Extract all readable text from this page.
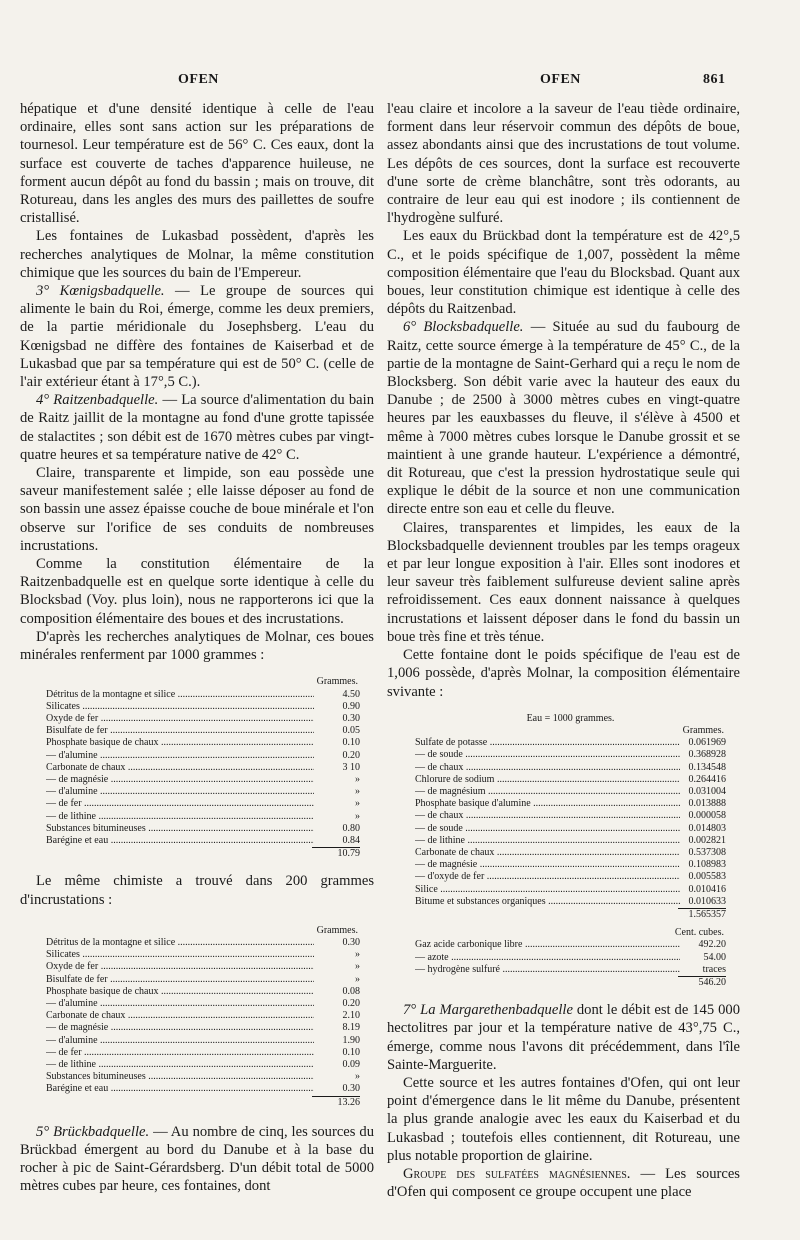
OFEN	OFEN	861

hépatique et d'une densité identique à celle de l'eau ordinaire, elles sont sans action sur les préparations de tournesol. Leur température est de 56° C. Ces eaux, dont la surface est couverte de taches d'apparence huileuse, ne forment aucun dépôt au fond du bassin ; mais on trouve, dit Rotureau, dans les angles des murs des paillettes de soufre cristallisé.

Les fontaines de Lukasbad possèdent, d'après les recherches analytiques de Molnar, la même constitution chimique que les sources du bain de l'Empereur.

3° Kœnigsbadquelle. — Le groupe de sources qui alimente le bain du Roi, émerge, comme les deux premiers, de la partie méridionale du Josephsberg. L'eau du Kœnigsbad ne diffère des fontaines de Kaiserbad et de Lukasbad que par sa température qui est de 50° C. (celle de l'air extérieur étant à 17°,5 C.).

4° Raitzenbadquelle. — La source d'alimentation du bain de Raitz jaillit de la montagne au fond d'une grotte tapissée de stalactites ; son débit est de 1670 mètres cubes par vingt-quatre heures et sa température native de 42° C.

Claire, transparente et limpide, son eau possède une saveur manifestement salée ; elle laisse déposer au fond de son bassin une assez épaisse couche de boue minérale et l'on observe sur l'orifice de ses conduits de nombreuses incrustations.

Comme la constitution élémentaire de la Raitzenbadquelle est en quelque sorte identique à celle du Blocksbad (Voy. plus loin), nous ne rapporterons ici que la composition élémentaire des boues et des incrustations.

D'après les recherches analytiques de Molnar, ces boues minérales renferment par 1000 grammes :

Grammes.
Détritus de la montagne et silice .....	4.50
Silicates .....	0.90
Oxyde de fer .....	0.30
Bisulfate de fer .....	0.05
Phosphate basique de chaux .....	0.10
— d'alumine .....	0.20
Carbonate de chaux .....	3 10
— de magnésie .....	»
— d'alumine .....	»
— de fer .....	»
— de lithine .....	»
Substances bitumineuses .....	0.80
Barégine et eau .....	0.84
10.79

Le même chimiste a trouvé dans 200 grammes d'incrustations :

Grammes.
Détritus de la montagne et silice .....	0.30
Silicates .....	»
Oxyde de fer .....	»
Bisulfate de fer .....	»
Phosphate basique de chaux .....	0.08
— d'alumine .....	0.20
Carbonate de chaux .....	2.10
— de magnésie .....	8.19
— d'alumine .....	1.90
— de fer .....	0.10
— de lithine .....	0.09
Substances bitumineuses .....	»
Barégine et eau .....	0.30
13.26

5° Brückbadquelle. — Au nombre de cinq, les sources du Brückbad émergent au bord du Danube et à la base du rocher à pic de Saint-Gérardsberg. D'un débit total de 5000 mètres cubes par heure, ces fontaines, dont

l'eau claire et incolore a la saveur de l'eau tiède ordinaire, forment dans leur réservoir commun des dépôts de boue, assez abondants ainsi que des incrustations de tout volume. Les dépôts de ces sources, dont la surface est recouverte d'une sorte de crème blanchâtre, sont très odorants, au contraire de leur eau qui est inodore ; ils contiennent de l'hydrogène sulfuré.

Les eaux du Brückbad dont la température est de 42°,5 C., et le poids spécifique de 1,007, possèdent la même composition élémentaire que l'eau du Blocksbad. Quant aux boues, leur constitution chimique est identique à celle des dépôts du Raitzenbad.

6° Blocksbadquelle. — Située au sud du faubourg de Raitz, cette source émerge à la température de 45° C., de la partie de la montagne de Saint-Gerhard qui a reçu le nom de Blocksberg. Son débit varie avec la hauteur des eaux du Danube ; de 2500 à 3000 mètres cubes en vingt-quatre heures par les eauxbasses du fleuve, il s'élève à 4500 et même à 7000 mètres cubes lorsque le Danube grossit et se maintient à une grande hauteur. L'expérience a démontré, dit Rotureau, que c'est la pression hydrostatique seule qui explique le débit de la source et non une communication directe entre son eau et celle du fleuve.

Claires, transparentes et limpides, les eaux de la Blocksbadquelle deviennent troubles par les temps orageux et par leur longue exposition à l'air. Elles sont inodores et leur saveur très faiblement sulfureuse devient saline après refroidissement. Ces eaux donnent naissance à quelques incrustations et laissent déposer dans le fond du bassin un boue très fine et très ténue.

Cette fontaine dont le poids spécifique de l'eau est de 1,006 possède, d'après Molnar, la composition élémentaire svivante :

Eau = 1000 grammes.
Grammes.
Sulfate de potasse .....	0.061969
— de soude .....	0.368928
— de chaux .....	0.134548
Chlorure de sodium .....	0.264416
— de magnésium .....	0.031004
Phosphate basique d'alumine .....	0.013888
— de chaux .....	0.000058
— de soude .....	0.014803
— de lithine .....	0.002821
Carbonate de chaux .....	0.537308
— de magnésie .....	0.108983
— d'oxyde de fer .....	0.005583
Silice .....	0.010416
Bitume et substances organiques .....	0.010633
1.565357
Cent. cubes.
Gaz acide carbonique libre .....	492.20
— azote .....	54.00
— hydrogène sulfuré .....	traces
546.20

7° La Margarethenbadquelle dont le débit est de 145 000 hectolitres par jour et la température native de 43°,75 C., émerge, comme nous l'avons dit précédemment, dans l'île Sainte-Marguerite.

Cette source et les autres fontaines d'Ofen, qui ont leur point d'émergence dans le lit même du Danube, présentent la plus grande analogie avec les eaux du Kaiserbad et du Lukasbad ; toutefois elles contiennent, dit Rotureau, une plus notable proportion de glairine.

Groupe des sulfatées magnésiennes. — Les sources d'Ofen qui composent ce groupe occupent une place
